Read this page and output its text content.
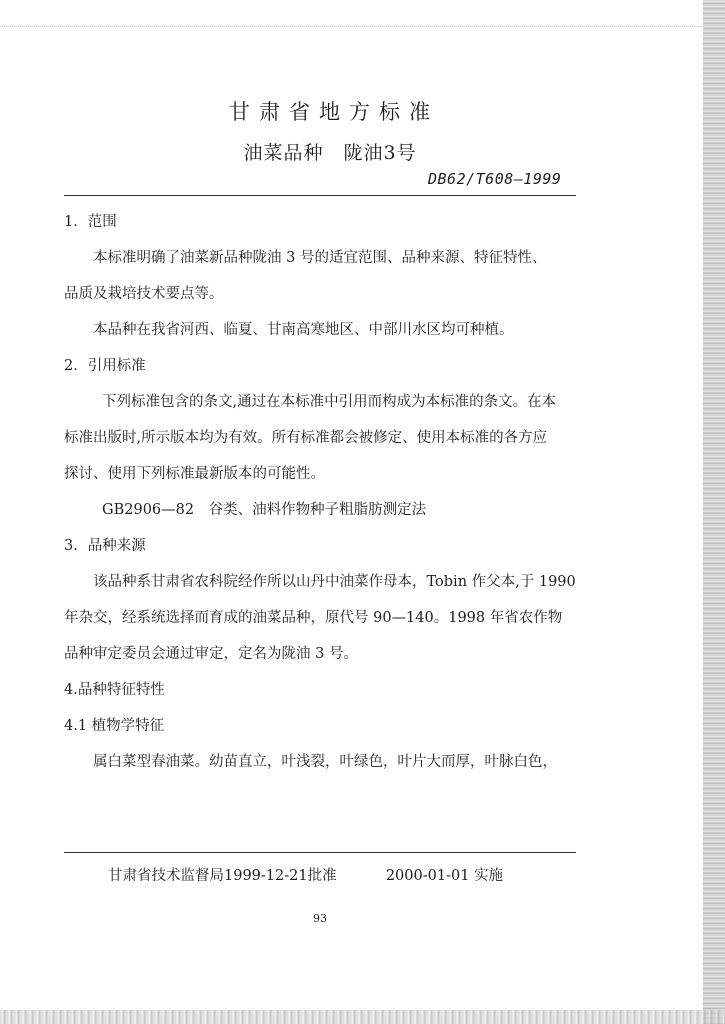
甘肃省地方标准
油菜品种　陇油3号
DB62/T608—1999

1．范围

本标准明确了油菜新品种陇油 3 号的适宜范围、品种来源、特征特性、

品质及栽培技术要点等。

本品种在我省河西、临夏、甘南高寒地区、中部川水区均可种植。

2．引用标准

下列标准包含的条文,通过在本标准中引用而构成为本标准的条文。在本

标准出版时,所示版本均为有效。所有标准都会被修定、使用本标准的各方应

探讨、使用下列标准最新版本的可能性。

GB2906—82　谷类、油料作物种子粗脂肪测定法

3．品种来源

该品种系甘肃省农科院经作所以山丹中油菜作母本，Tobin 作父本,于 1990

年杂交，经系统选择而育成的油菜品种，原代号 90—140。1998 年省农作物

品种审定委员会通过审定，定名为陇油 3 号。

4.品种特征特性

4.1 植物学特征

属白菜型春油菜。幼苗直立，叶浅裂，叶绿色，叶片大而厚，叶脉白色，

甘肃省技术监督局1999-12-21批准	2000-01-01 实施
93
